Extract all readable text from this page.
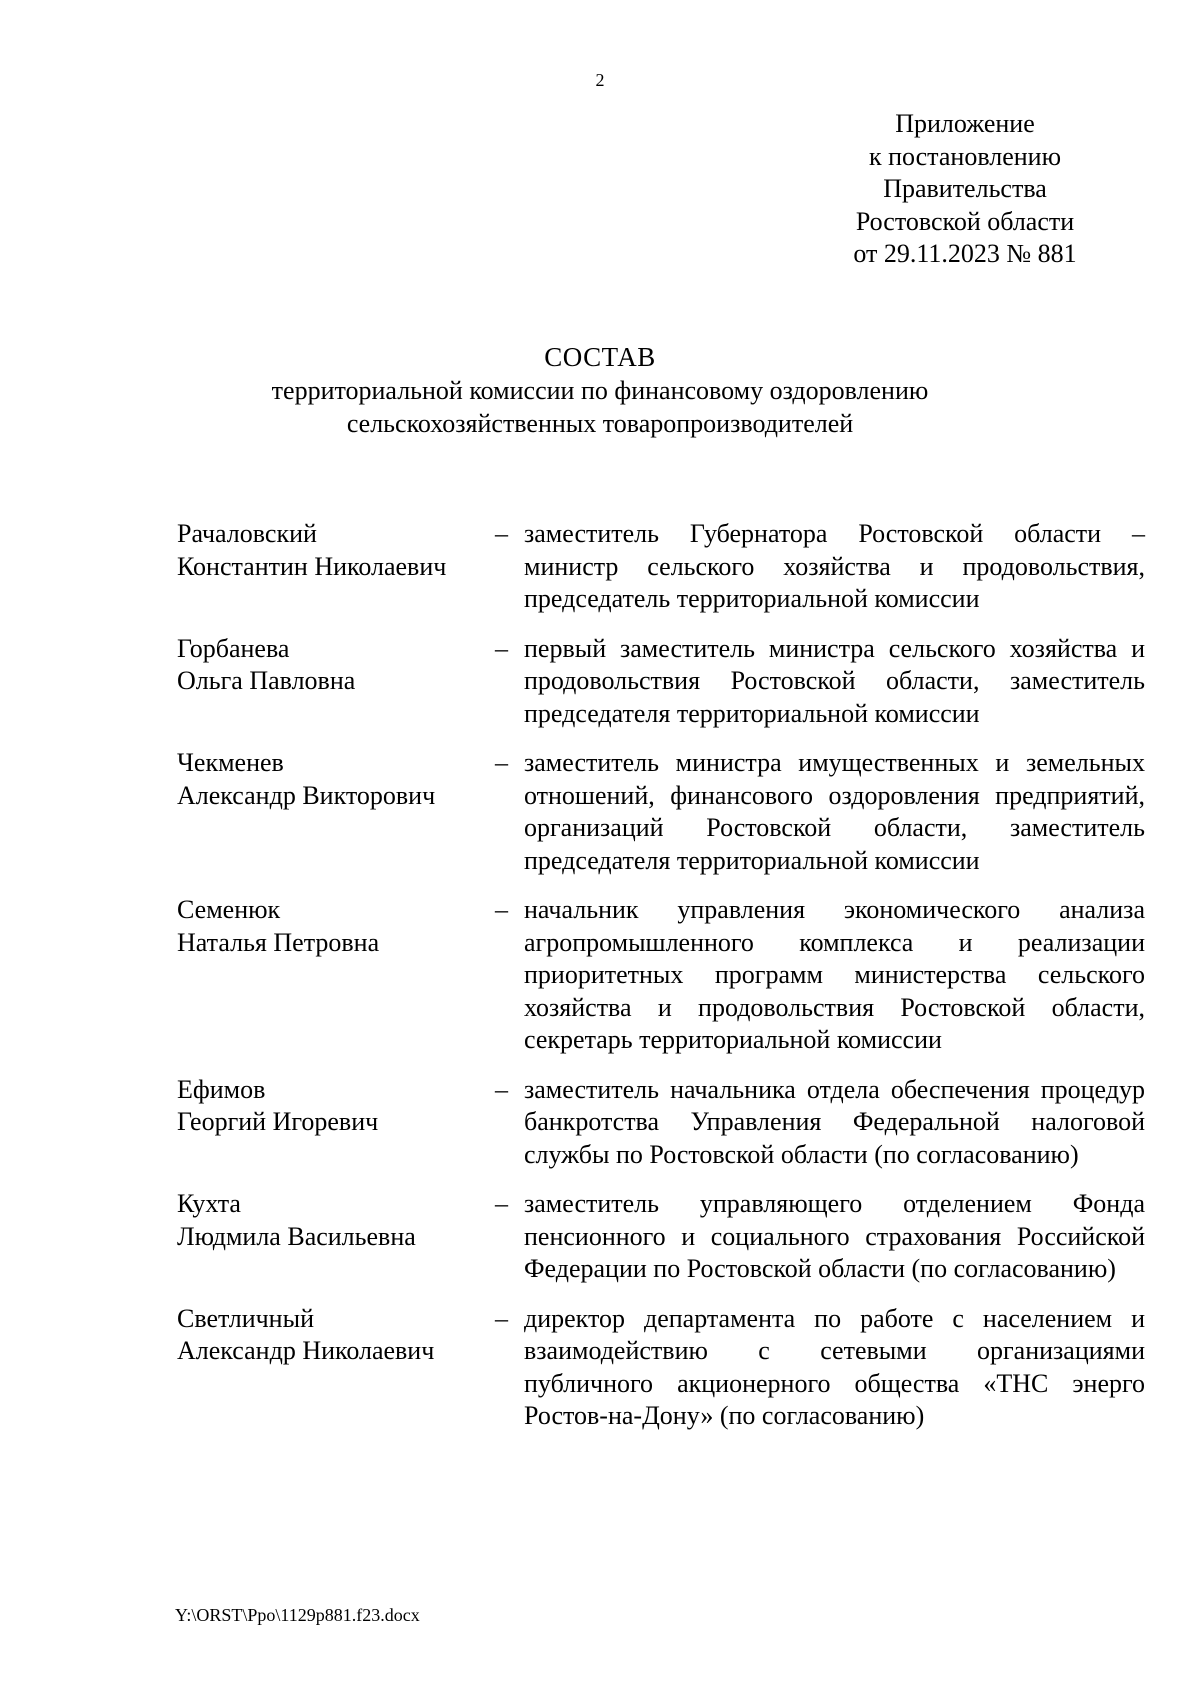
2
Приложение
к постановлению
Правительства
Ростовской области
от 29.11.2023 № 881
СОСТАВ
территориальной комиссии по финансовому оздоровлению
сельскохозяйственных товаропроизводителей
Рачаловский
Константин Николаевич
– заместитель Губернатора Ростовской области – министр сельского хозяйства и продовольствия, председатель территориальной комиссии
Горбанева
Ольга Павловна
– первый заместитель министра сельского хозяйства и продовольствия Ростовской области, заместитель председателя территориальной комиссии
Чекменев
Александр Викторович
– заместитель министра имущественных и земельных отношений, финансового оздоровления предприятий, организаций Ростовской области, заместитель председателя территориальной комиссии
Семенюк
Наталья Петровна
– начальник управления экономического анализа агропромышленного комплекса и реализации приоритетных программ министерства сельского хозяйства и продовольствия Ростовской области, секретарь территориальной комиссии
Ефимов
Георгий Игоревич
– заместитель начальника отдела обеспечения процедур банкротства Управления Федеральной налоговой службы по Ростовской области (по согласованию)
Кухта
Людмила Васильевна
– заместитель управляющего отделением Фонда пенсионного и социального страхования Российской Федерации по Ростовской области (по согласованию)
Светличный
Александр Николаевич
– директор департамента по работе с населением и взаимодействию с сетевыми организациями публичного акционерного общества «ТНС энерго Ростов-на-Дону» (по согласованию)
Y:\ORST\Ppo\1129p881.f23.docx
